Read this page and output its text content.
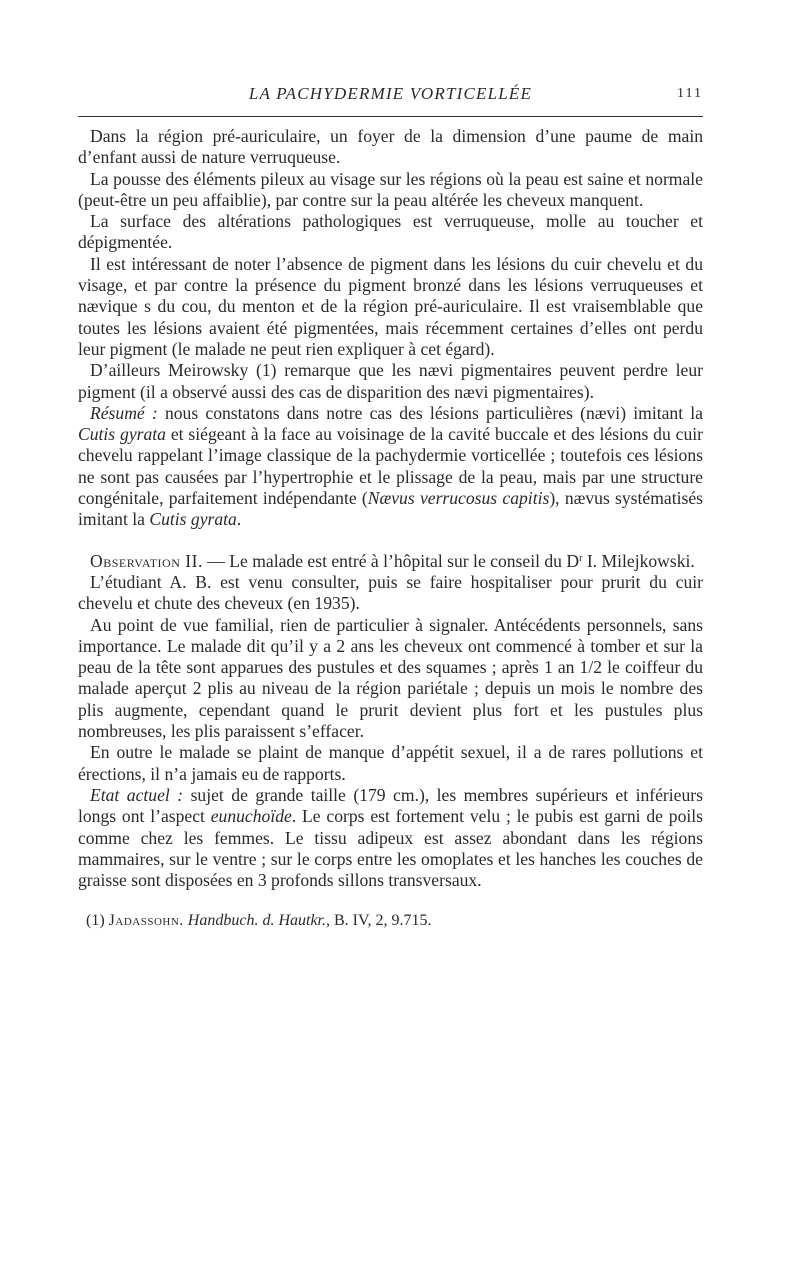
LA PACHYDERMIE VORTICELLÉE	111

Dans la région pré-auriculaire, un foyer de la dimension d’une paume de main d’enfant aussi de nature verruqueuse.

La pousse des éléments pileux au visage sur les régions où la peau est saine et normale (peut-être un peu affaiblie), par contre sur la peau altérée les cheveux manquent.

La surface des altérations pathologiques est verruqueuse, molle au toucher et dépigmentée.

Il est intéressant de noter l’absence de pigment dans les lésions du cuir chevelu et du visage, et par contre la présence du pigment bronzé dans les lésions verruqueuses et nævique s du cou, du menton et de la région pré-auriculaire. Il est vraisemblable que toutes les lésions avaient été pigmentées, mais récemment certaines d’elles ont perdu leur pigment (le malade ne peut rien expliquer à cet égard).

D’ailleurs Meirowsky (1) remarque que les nævi pigmentaires peuvent perdre leur pigment (il a observé aussi des cas de disparition des nævi pigmentaires).

Résumé : nous constatons dans notre cas des lésions particulières (nævi) imitant la Cutis gyrata et siégeant à la face au voisinage de la cavité buccale et des lésions du cuir chevelu rappelant l’image classique de la pachydermie vorticellée ; toutefois ces lésions ne sont pas causées par l’hypertrophie et le plissage de la peau, mais par une structure congénitale, parfaitement indépendante (Nævus verrucosus capitis), nævus systématisés imitant la Cutis gyrata.

Observation II. — Le malade est entré à l’hôpital sur le conseil du $D^r$ I. Milejkowski.

L’étudiant A. B. est venu consulter, puis se faire hospitaliser pour prurit du cuir chevelu et chute des cheveux (en 1935).

Au point de vue familial, rien de particulier à signaler. Antécédents personnels, sans importance. Le malade dit qu’il y a 2 ans les cheveux ont commencé à tomber et sur la peau de la tête sont apparues des pustules et des squames ; après 1 an 1/2 le coiffeur du malade aperçut 2 plis au niveau de la région pariétale ; depuis un mois le nombre des plis augmente, cependant quand le prurit devient plus fort et les pustules plus nombreuses, les plis paraissent s’effacer.

En outre le malade se plaint de manque d’appétit sexuel, il a de rares pollutions et érections, il n’a jamais eu de rapports.

Etat actuel : sujet de grande taille (179 cm.), les membres supérieurs et inférieurs longs ont l’aspect eunuchoïde. Le corps est fortement velu ; le pubis est garni de poils comme chez les femmes. Le tissu adipeux est assez abondant dans les régions mammaires, sur le ventre ; sur le corps entre les omoplates et les hanches les couches de graisse sont disposées en 3 profonds sillons transversaux.

(1) Jadassohn. Handbuch. d. Hautkr., B. IV, 2, 9.715.
